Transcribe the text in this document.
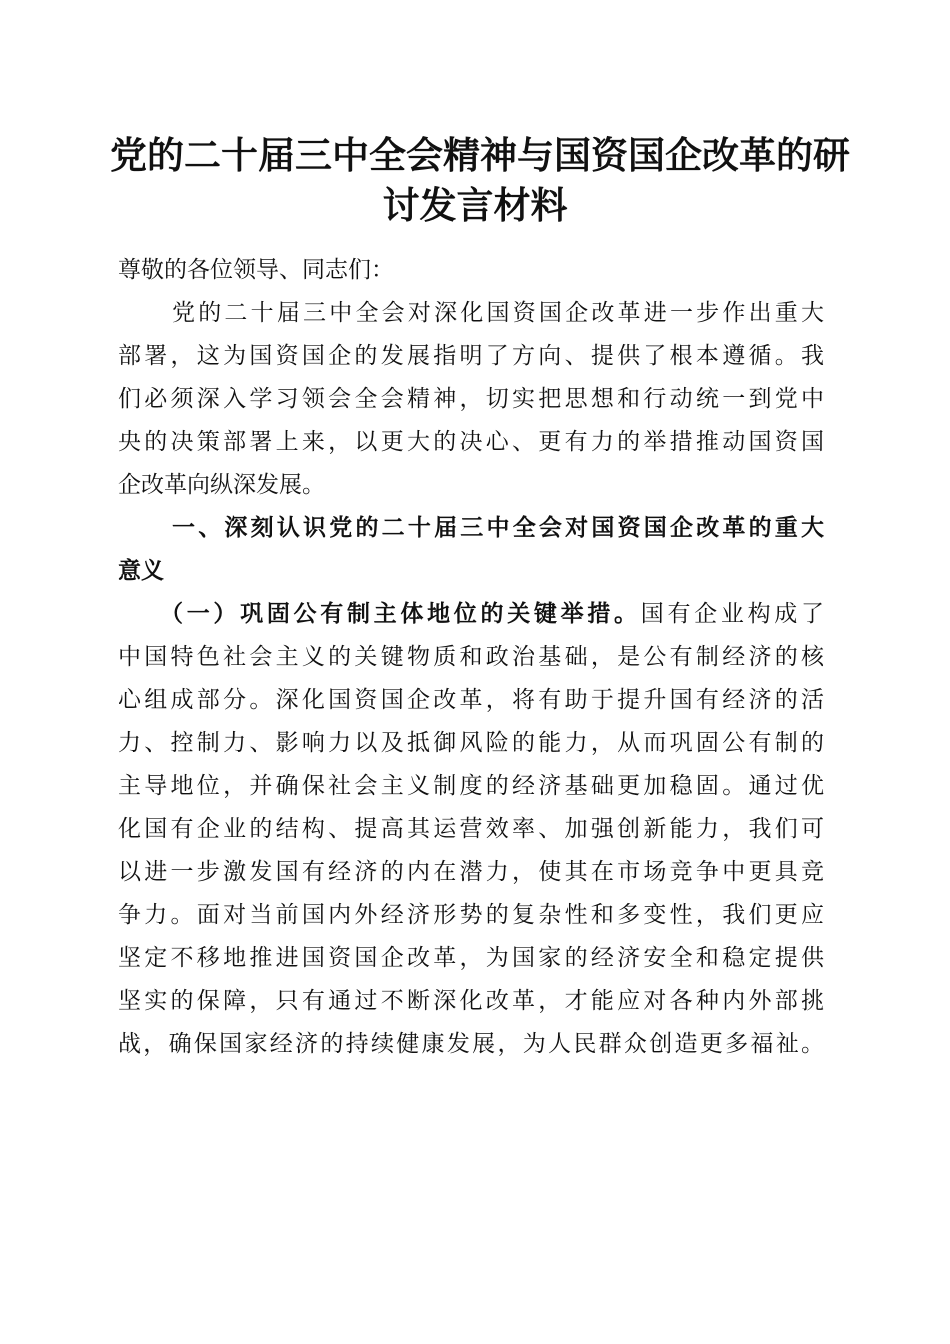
党的二十届三中全会精神与国资国企改革的研
讨发言材料
尊敬的各位领导、同志们：
党的二十届三中全会对深化国资国企改革进一步作出重大
部署，这为国资国企的发展指明了方向、提供了根本遵循。我
们必须深入学习领会全会精神，切实把思想和行动统一到党中
央的决策部署上来，以更大的决心、更有力的举措推动国资国
企改革向纵深发展。
一、深刻认识党的二十届三中全会对国资国企改革的重大
意义
（一）巩固公有制主体地位的关键举措。国有企业构成了
中国特色社会主义的关键物质和政治基础，是公有制经济的核
心组成部分。深化国资国企改革，将有助于提升国有经济的活
力、控制力、影响力以及抵御风险的能力，从而巩固公有制的
主导地位，并确保社会主义制度的经济基础更加稳固。通过优
化国有企业的结构、提高其运营效率、加强创新能力，我们可
以进一步激发国有经济的内在潜力，使其在市场竞争中更具竞
争力。面对当前国内外经济形势的复杂性和多变性，我们更应
坚定不移地推进国资国企改革，为国家的经济安全和稳定提供
坚实的保障，只有通过不断深化改革，才能应对各种内外部挑
战，确保国家经济的持续健康发展，为人民群众创造更多福祉。
